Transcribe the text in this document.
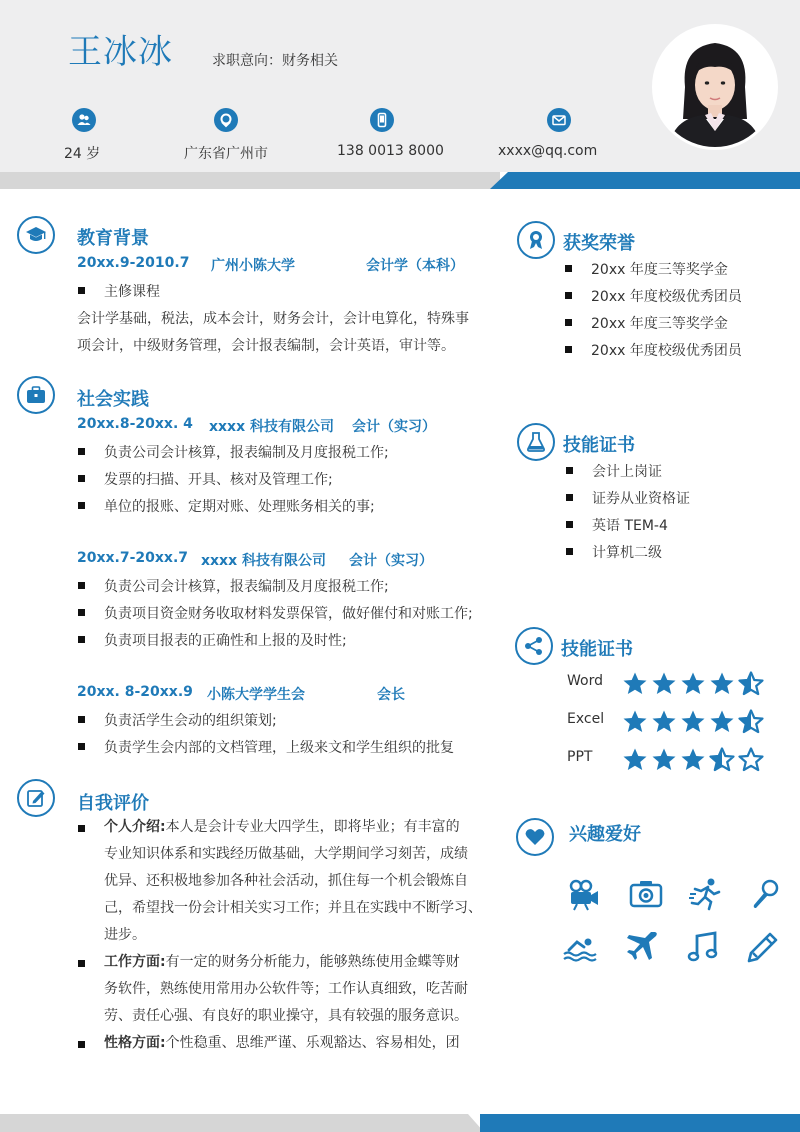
王冰冰	求职意向：财务相关
24 岁	广东省广州市	138 0013 8000	xxxx@qq.com
教育背景
20xx.9-2010.7 广州小陈大学	会计学（本科）
主修课程
会计学基础，税法，成本会计，财务会计，会计电算化，特殊事
项会计，中级财务管理，会计报表编制，会计英语，审计等。
社会实践
20xx.8-20xx. 4 xxxx 科技有限公司 会计（实习）
负责公司会计核算，报表编制及月度报税工作;
发票的扫描、开具、核对及管理工作;
单位的报账、定期对账、处理账务相关的事;
20xx.7-20xx.7 xxxx 科技有限公司 会计（实习）
负责公司会计核算，报表编制及月度报税工作;
负责项目资金财务收取材料发票保管，做好催付和对账工作;
负责项目报表的正确性和上报的及时性;
20xx. 8-20xx.9 小陈大学学生会	会长
负责活学生会动的组织策划;
负责学生会内部的文档管理，上级来文和学生组织的批复
自我评价
个人介绍:本人是会计专业大四学生，即将毕业；有丰富的
专业知识体系和实践经历做基础，大学期间学习刻苦，成绩
优异、还积极地参加各种社会活动，抓住每一个机会锻炼自
己，希望找一份会计相关实习工作；并且在实践中不断学习、
进步。
工作方面:有一定的财务分析能力，能够熟练使用金蝶等财
务软件，熟练使用常用办公软件等；工作认真细致，吃苦耐
劳、责任心强、有良好的职业操守，具有较强的服务意识。
性格方面:个性稳重、思维严谨、乐观豁达、容易相处，团
获奖荣誉
20xx 年度三等奖学金
20xx 年度校级优秀团员
20xx 年度三等奖学金
20xx 年度校级优秀团员
技能证书
会计上岗证
证券从业资格证
英语 TEM-4
计算机二级
技能证书
Word
Excel
PPT
兴趣爱好
